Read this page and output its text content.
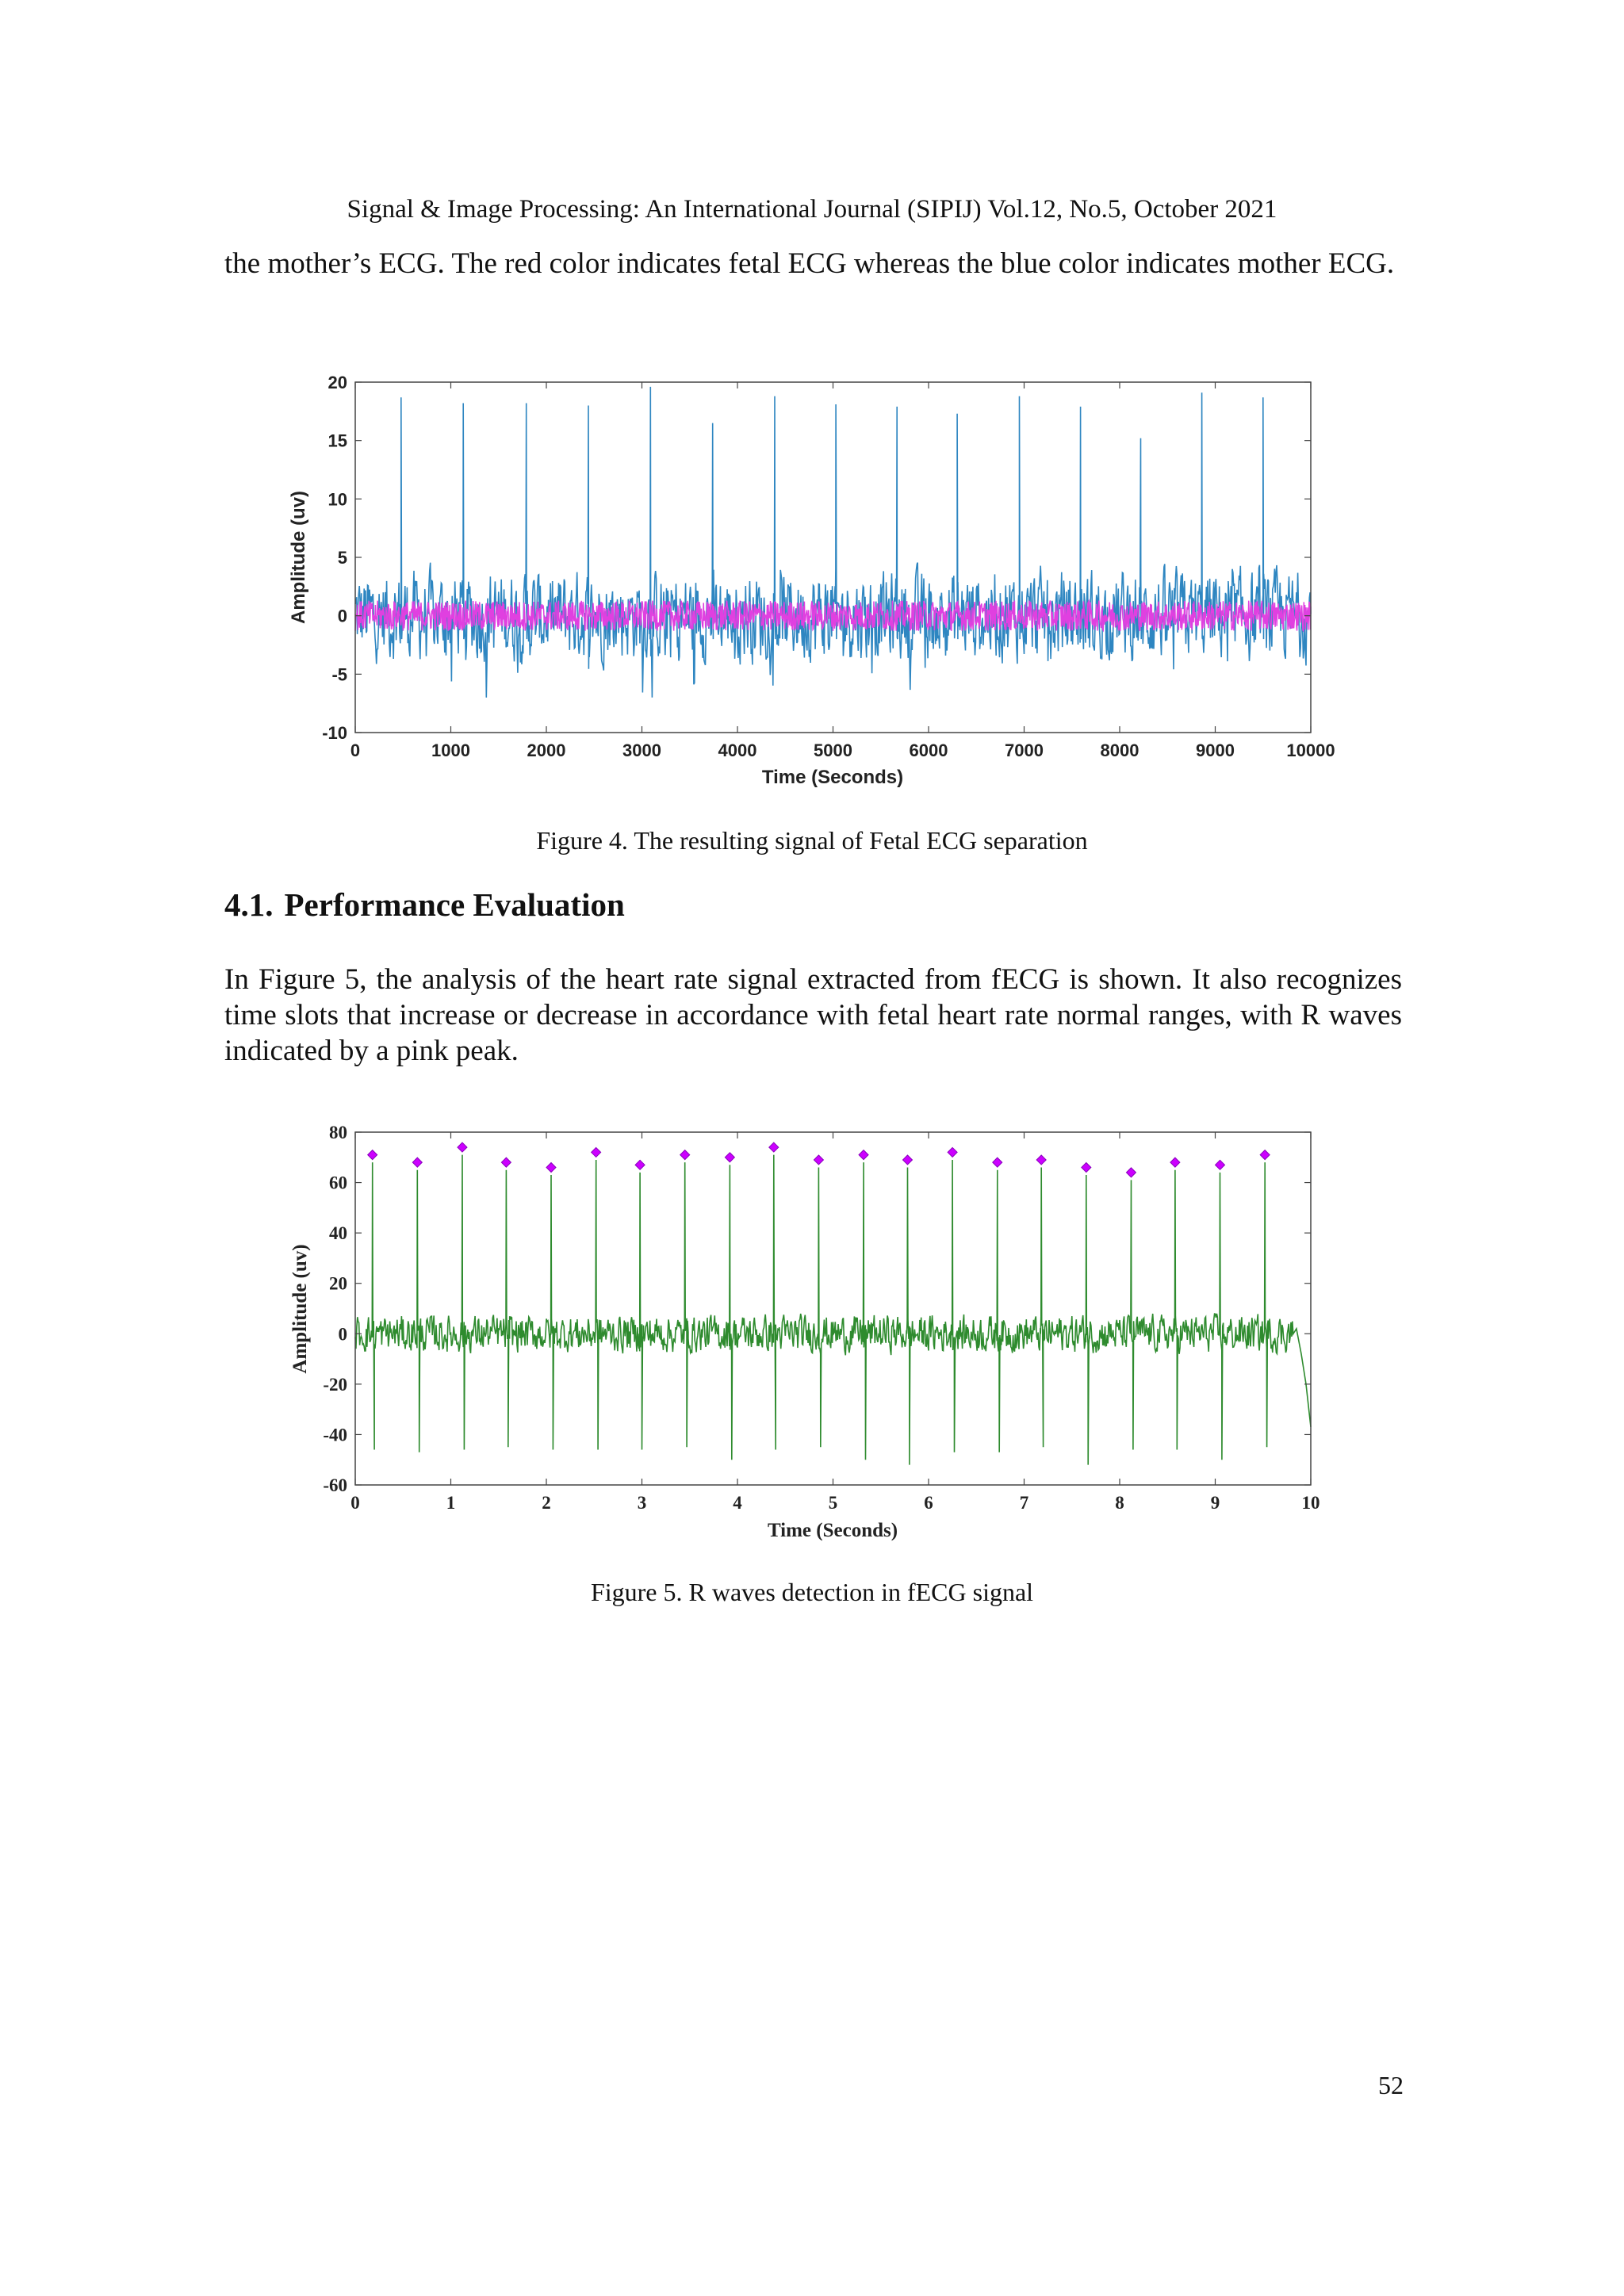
Signal & Image Processing: An International Journal (SIPIJ) Vol.12, No.5, October 2021
the mother’s ECG. The red color indicates fetal ECG whereas the blue color indicates mother ECG.
0	1000	2000	3000	4000	5000	6000	7000	8000	9000	10000
-10
-5
0
5
10
15
20
Time (Seconds)
Amplitude (uv)
Figure 4. The resulting signal of Fetal ECG separation
4.1. Performance Evaluation
In Figure 5, the analysis of the heart rate signal extracted from fECG is shown. It also recognizes time slots that increase or decrease in accordance with fetal heart rate normal ranges, with R waves indicated by a pink peak.
0	1	2	3	4	5	6	7	8	9	10
-60
-40
-20
0
20
40
60
80
Time (Seconds)
Amplitude (uv)
Figure 5. R waves detection in fECG signal
52
